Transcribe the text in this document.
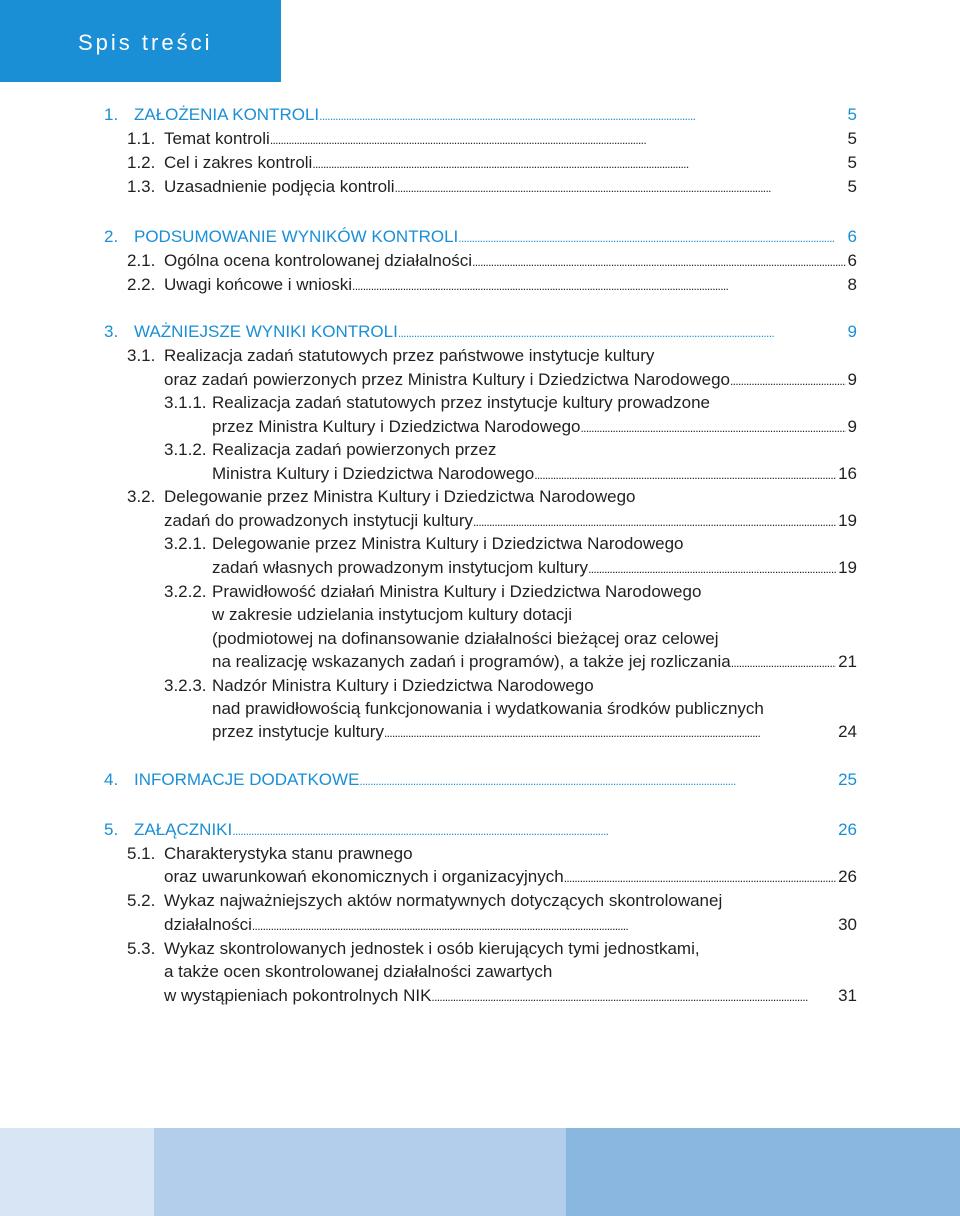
Spis treści
1. ZAŁOŻENIA KONTROLI . . .	5
1.1. Temat kontroli . . .	5
1.2. Cel i zakres kontroli . . .	5
1.3. Uzasadnienie podjęcia kontroli . . .	5
2. PODSUMOWANIE WYNIKÓW KONTROLI . . .	6
2.1. Ogólna ocena kontrolowanej działalności . . .	6
2.2. Uwagi końcowe i wnioski . . .	8
3. WAŻNIEJSZE WYNIKI KONTROLI . . .	9
3.1. Realizacja zadań statutowych przez państwowe instytucje kultury
oraz zadań powierzonych przez Ministra Kultury i Dziedzictwa Narodowego . . .	9
3.1.1. Realizacja zadań statutowych przez instytucje kultury prowadzone
przez Ministra Kultury i Dziedzictwa Narodowego . . .	9
3.1.2. Realizacja zadań powierzonych przez
Ministra Kultury i Dziedzictwa Narodowego . . .	16
3.2. Delegowanie przez Ministra Kultury i Dziedzictwa Narodowego
zadań do prowadzonych instytucji kultury . . .	19
3.2.1. Delegowanie przez Ministra Kultury i Dziedzictwa Narodowego
zadań własnych prowadzonym instytucjom kultury . . .	19
3.2.2. Prawidłowość działań Ministra Kultury i Dziedzictwa Narodowego
w zakresie udzielania instytucjom kultury dotacji
(podmiotowej na dofinansowanie działalności bieżącej oraz celowej
na realizację wskazanych zadań i programów), a także jej rozliczania . . .	21
3.2.3. Nadzór Ministra Kultury i Dziedzictwa Narodowego
nad prawidłowością funkcjonowania i wydatkowania środków publicznych
przez instytucje kultury . . .	24
4. INFORMACJE DODATKOWE . . .	25
5. ZAŁĄCZNIKI . . .	26
5.1. Charakterystyka stanu prawnego
oraz uwarunkowań ekonomicznych i organizacyjnych . . .	26
5.2. Wykaz najważniejszych aktów normatywnych dotyczących skontrolowanej
działalności . . .	30
5.3. Wykaz skontrolowanych jednostek i osób kierujących tymi jednostkami,
a także ocen skontrolowanej działalności zawartych
w wystąpieniach pokontrolnych NIK . . .	31
